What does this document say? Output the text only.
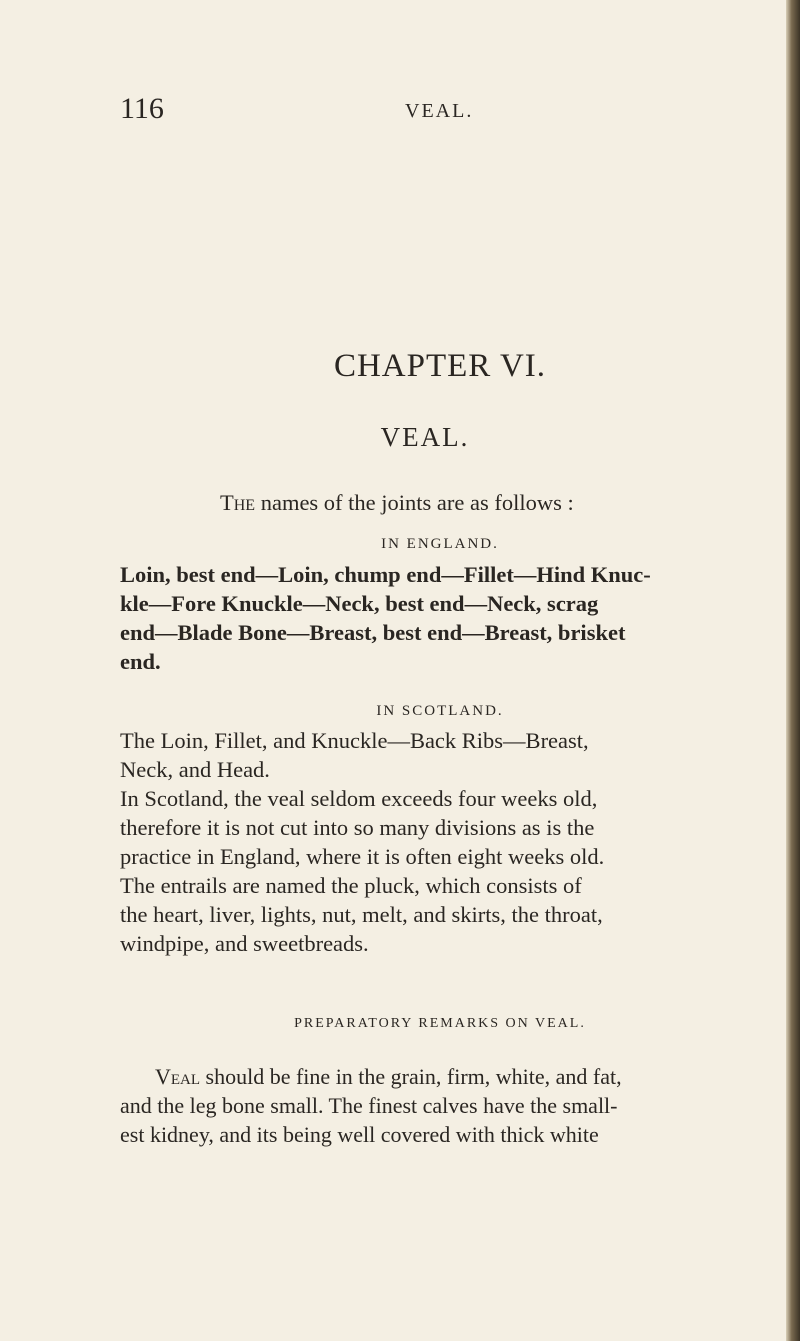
116	VEAL.
CHAPTER VI.
VEAL.
The names of the joints are as follows :
IN ENGLAND.
Loin, best end—Loin, chump end—Fillet—Hind Knuc-
kle—Fore Knuckle—Neck, best end—Neck, scrag
end—Blade Bone—Breast, best end—Breast, brisket
end.
IN SCOTLAND.
The Loin, Fillet, and Knuckle—Back Ribs—Breast,
Neck, and Head.
In Scotland, the veal seldom exceeds four weeks old,
therefore it is not cut into so many divisions as is the
practice in England, where it is often eight weeks old.
The entrails are named the pluck, which consists of
the heart, liver, lights, nut, melt, and skirts, the throat,
windpipe, and sweetbreads.
PREPARATORY REMARKS ON VEAL.
Veal should be fine in the grain, firm, white, and fat,
and the leg bone small. The finest calves have the small-
est kidney, and its being well covered with thick white
